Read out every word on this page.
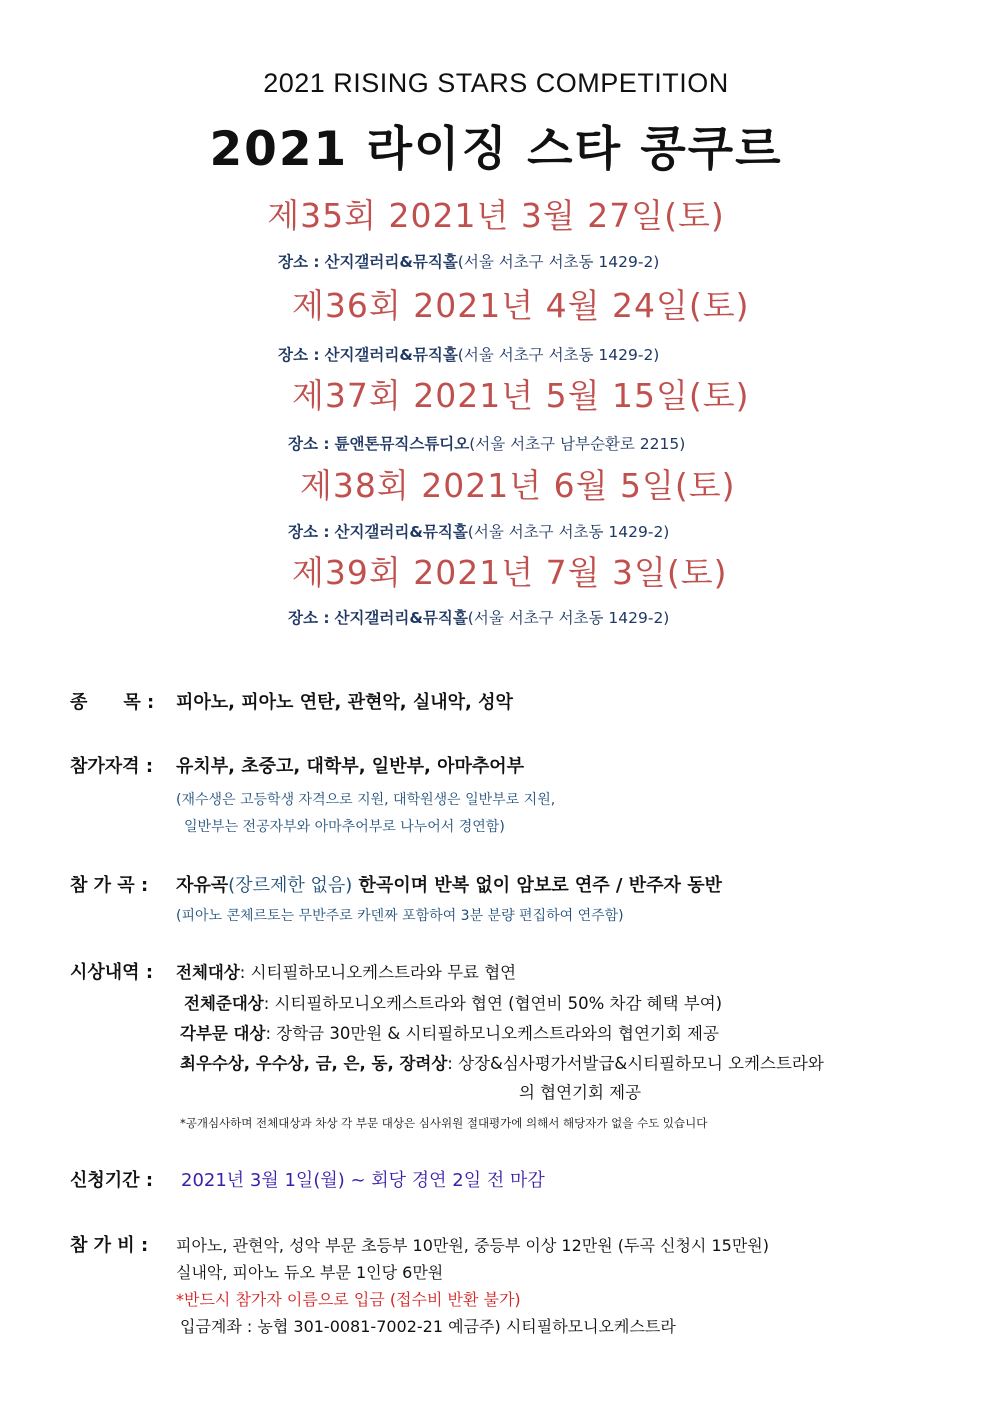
2021 RISING STARS COMPETITION
2021 라이징 스타 콩쿠르
제35회 2021년 3월 27일(토)
장소 : 산지갤러리&뮤직홀(서울 서초구 서초동 1429-2)
제36회 2021년 4월 24일(토)
장소 : 산지갤러리&뮤직홀(서울 서초구 서초동 1429-2)
제37회 2021년 5월 15일(토)
장소 : 튠앤톤뮤직스튜디오(서울 서초구 남부순환로 2215)
제38회 2021년 6월 5일(토)
장소 : 산지갤러리&뮤직홀(서울 서초구 서초동 1429-2)
제39회 2021년 7월 3일(토)
장소 : 산지갤러리&뮤직홀(서울 서초구 서초동 1429-2)
종　　목 : 피아노, 피아노 연탄, 관현악, 실내악, 성악
참가자격 : 유치부, 초중고, 대학부, 일반부, 아마추어부
(재수생은 고등학생 자격으로 지원, 대학원생은 일반부로 지원,
일반부는 전공자부와 아마추어부로 나누어서 경연함)
참 가 곡 : 자유곡(장르제한 없음) 한곡이며 반복 없이 암보로 연주 / 반주자 동반
(피아노 콘체르토는 무반주로 카덴짜 포함하여 3분 분량 편집하여 연주함)
시상내역 : 전체대상: 시티필하모니오케스트라와 무료 협연
전체준대상: 시티필하모니오케스트라와 협연 (협연비 50% 차감 혜택 부여)
각부문 대상: 장학금 30만원 & 시티필하모니오케스트라와의 협연기회 제공
최우수상, 우수상, 금, 은, 동, 장려상: 상장&심사평가서발급&시티필하모니 오케스트라와
의 협연기회 제공
*공개심사하며 전체대상과 차상 각 부문 대상은 심사위원 절대평가에 의해서 해당자가 없을 수도 있습니다
신청기간 : 2021년 3월 1일(월) ~ 회당 경연 2일 전 마감
참 가 비 : 피아노, 관현악, 성악 부문 초등부 10만원, 중등부 이상 12만원 (두곡 신청시 15만원)
실내악, 피아노 듀오 부문 1인당 6만원
*반드시 참가자 이름으로 입금 (접수비 반환 불가)
입금계좌 : 농협 301-0081-7002-21 예금주) 시티필하모니오케스트라
